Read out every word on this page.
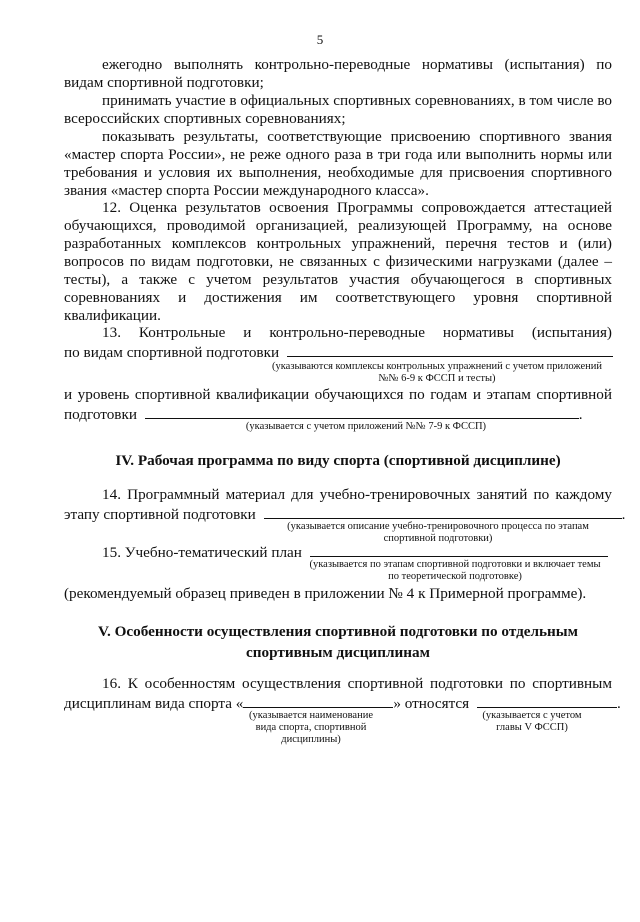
5

ежегодно выполнять контрольно-переводные нормативы (испытания) по видам спортивной подготовки;

принимать участие в официальных спортивных соревнованиях, в том числе во всероссийских спортивных соревнованиях;

показывать результаты, соответствующие присвоению спортивного звания «мастер спорта России», не реже одного раза в три года или выполнить нормы или требования и условия их выполнения, необходимые для присвоения спортивного звания «мастер спорта России международного класса».

12. Оценка результатов освоения Программы сопровождается аттестацией обучающихся, проводимой организацией, реализующей Программу, на основе разработанных комплексов контрольных упражнений, перечня тестов и (или) вопросов по видам подготовки, не связанных с физическими нагрузками (далее – тесты), а также с учетом результатов участия обучающегося в спортивных соревнованиях и достижения им соответствующего уровня спортивной квалификации.

13. Контрольные и контрольно-переводные нормативы (испытания)
по видам спортивной подготовки
(указываются комплексы контрольных упражнений с учетом приложений
№№ 6-9 к ФССП и тесты)
и уровень спортивной квалификации обучающихся по годам и этапам спортивной
подготовки	.
(указывается с учетом приложений №№ 7-9 к ФССП)
IV. Рабочая программа по виду спорта (спортивной дисциплине)
14. Программный материал для учебно-тренировочных занятий по каждому
этапу спортивной подготовки	.
(указывается описание учебно-тренировочного процесса по этапам
спортивной подготовки)
15. Учебно-тематический план
(указывается по этапам спортивной подготовки и включает темы
по теоретической подготовке)
(рекомендуемый образец приведен в приложении № 4 к Примерной программе).
V. Особенности осуществления спортивной подготовки по отдельным
спортивным дисциплинам
16. К особенностям осуществления спортивной подготовки по спортивным
дисциплинам вида спорта «	» относятся	.
(указывается наименование
вида спорта, спортивной
дисциплины)
(указывается с учетом
главы V ФССП)
